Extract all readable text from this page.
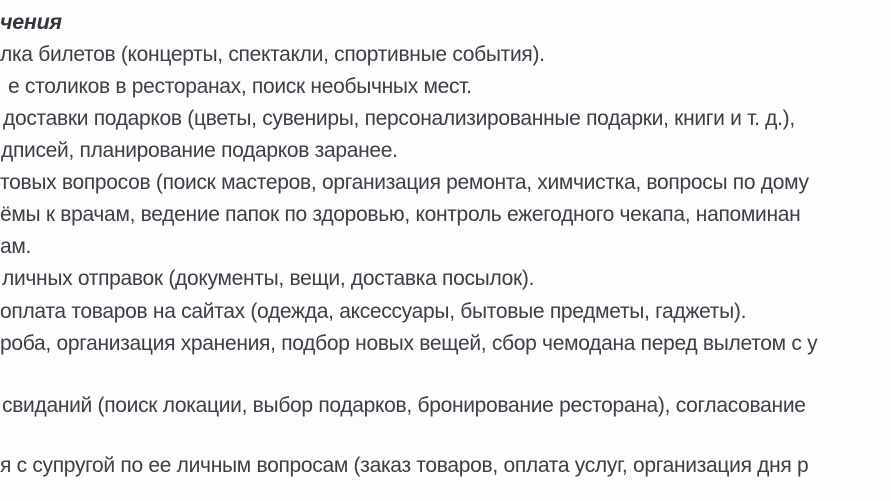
чения
лка билетов (концерты, спектакли, спортивные события).
е столиков в ресторанах, поиск необычных мест.
доставки подарков (цветы, сувениры, персонализированные подарки, книги и т. д.),
дписей, планирование подарков заранее.
товых вопросов (поиск мастеров, организация ремонта, химчистка, вопросы по дому
ёмы к врачам, ведение папок по здоровью, контроль ежегодного чекапа, напоминан
ам.
личных отправок (документы, вещи, доставка посылок).
оплата товаров на сайтах (одежда, аксессуары, бытовые предметы, гаджеты).
роба, организация хранения, подбор новых вещей, сбор чемодана перед вылетом с у
свиданий (поиск локации, выбор подарков, бронирование ресторана), согласование
я с супругой по ее личным вопросам (заказ товаров, оплата услуг, организация дня р
